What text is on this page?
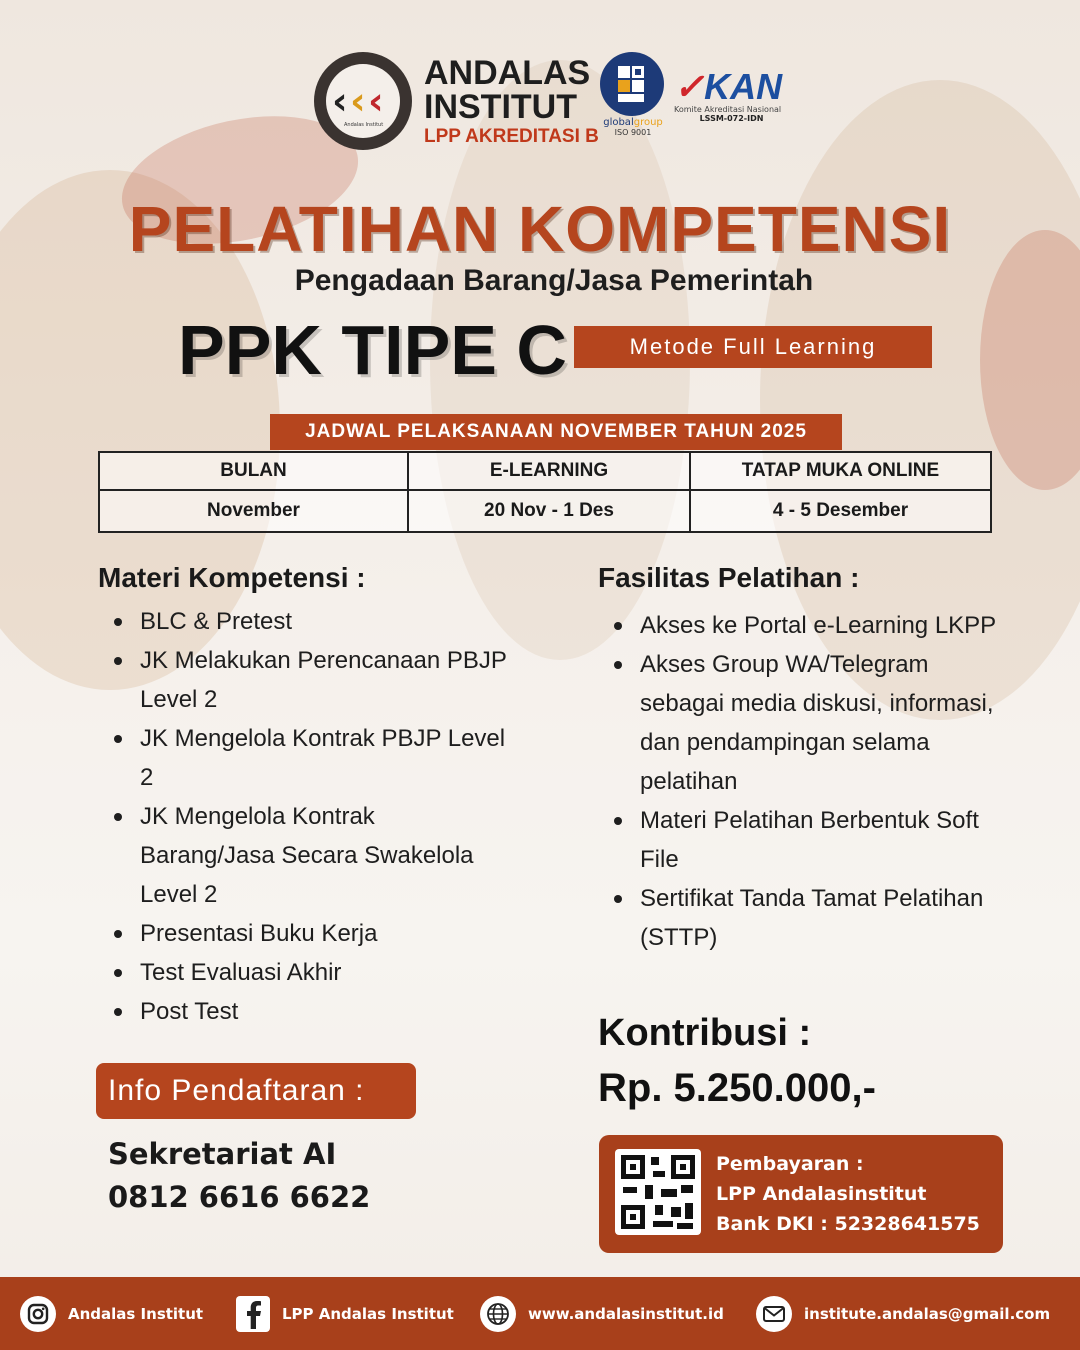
‹ ‹ ‹
Andalas Institut
ANDALAS
INSTITUT
LPP AKREDITASI B
globalgroup
ISO 9001
✓KAN
Komite Akreditasi Nasional
LSSM-072-IDN
PELATIHAN KOMPETENSI
Pengadaan Barang/Jasa Pemerintah
PPK TIPE C	Metode Full Learning
JADWAL PELAKSANAAN NOVEMBER TAHUN 2025
BULAN	E-LEARNING	TATAP MUKA ONLINE
November	20 Nov - 1 Des	4 - 5 Desember
Materi Kompetensi :
BLC & Pretest
JK Melakukan Perencanaan PBJP Level 2
JK Mengelola Kontrak PBJP Level 2
JK Mengelola Kontrak Barang/Jasa Secara Swakelola Level 2
Presentasi Buku Kerja
Test Evaluasi Akhir
Post Test
Fasilitas Pelatihan :
Akses ke Portal e-Learning LKPP
Akses Group WA/Telegram sebagai media diskusi, informasi, dan pendampingan selama pelatihan
Materi Pelatihan Berbentuk Soft File
Sertifikat Tanda Tamat Pelatihan (STTP)
Info Pendaftaran :
Sekretariat AI
0812 6616 6622
Kontribusi :
Rp. 5.250.000,-
Pembayaran :
LPP Andalasinstitut
Bank DKI : 52328641575
Andalas Institut	LPP Andalas Institut	www.andalasinstitut.id	institute.andalas@gmail.com
